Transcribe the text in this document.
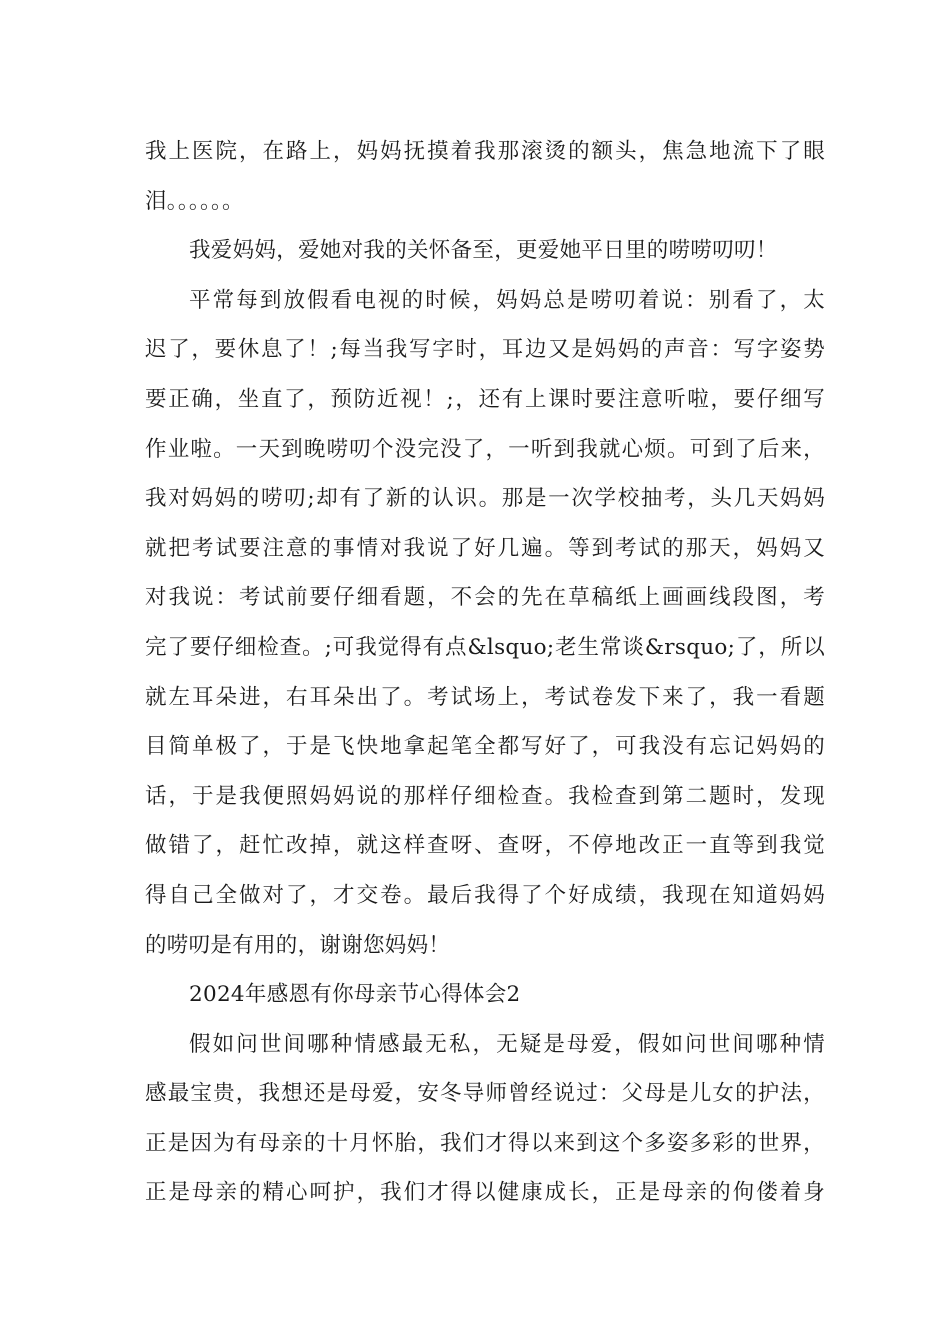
我上医院，在路上，妈妈抚摸着我那滚烫的额头，焦急地流下了眼
泪。。。。。。
我爱妈妈，爱她对我的关怀备至，更爱她平日里的唠唠叨叨！
平常每到放假看电视的时候，妈妈总是唠叨着说：别看了，太
迟了，要休息了！;每当我写字时，耳边又是妈妈的声音：写字姿势
要正确，坐直了，预防近视！;，还有上课时要注意听啦，要仔细写
作业啦。一天到晚唠叨个没完没了，一听到我就心烦。可到了后来，
我对妈妈的唠叨;却有了新的认识。那是一次学校抽考，头几天妈妈
就把考试要注意的事情对我说了好几遍。等到考试的那天，妈妈又
对我说：考试前要仔细看题，不会的先在草稿纸上画画线段图，考
完了要仔细检查。;可我觉得有点&lsquo;老生常谈&rsquo;了，所以
就左耳朵进，右耳朵出了。考试场上，考试卷发下来了，我一看题
目简单极了，于是飞快地拿起笔全都写好了，可我没有忘记妈妈的
话，于是我便照妈妈说的那样仔细检查。我检查到第二题时，发现
做错了，赶忙改掉，就这样查呀、查呀，不停地改正一直等到我觉
得自己全做对了，才交卷。最后我得了个好成绩，我现在知道妈妈
的唠叨是有用的，谢谢您妈妈！
2024年感恩有你母亲节心得体会2
假如问世间哪种情感最无私，无疑是母爱，假如问世间哪种情
感最宝贵，我想还是母爱，安冬导师曾经说过：父母是儿女的护法，
正是因为有母亲的十月怀胎，我们才得以来到这个多姿多彩的世界，
正是母亲的精心呵护，我们才得以健康成长，正是母亲的佝偻着身
